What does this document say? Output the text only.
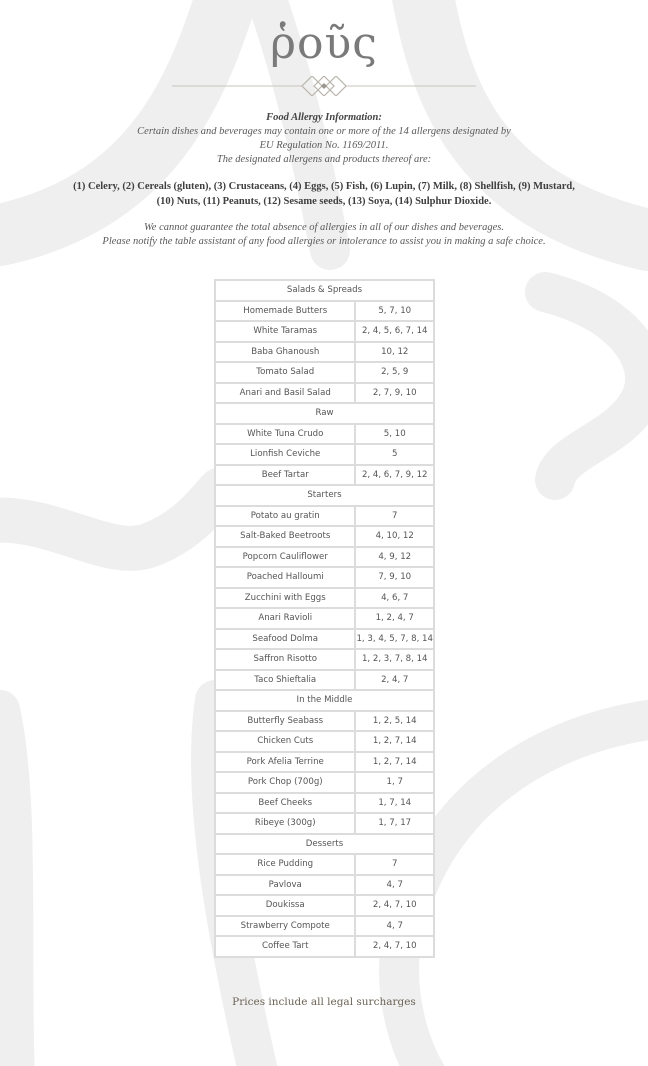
ῥοῦς
Food Allergy Information:
Certain dishes and beverages may contain one or more of the 14 allergens designated by
EU Regulation No. 1169/2011.
The designated allergens and products thereof are:
(1) Celery, (2) Cereals (gluten), (3) Crustaceans, (4) Eggs, (5) Fish, (6) Lupin, (7) Milk, (8) Shellfish, (9) Mustard,
(10) Nuts, (11) Peanuts, (12) Sesame seeds, (13) Soya, (14) Sulphur Dioxide.
We cannot guarantee the total absence of allergies in all of our dishes and beverages.
Please notify the table assistant of any food allergies or intolerance to assist you in making a safe choice.
Salads & Spreads	
Homemade Butters	5, 7, 10
White Taramas	2, 4, 5, 6, 7, 14
Baba Ghanoush	10, 12
Tomato Salad	2, 5, 9
Anari and Basil Salad	2, 7, 9, 10
Raw	
White Tuna Crudo	5, 10
Lionfish Ceviche	5
Beef Tartar	2, 4, 6, 7, 9, 12
Starters	
Potato au gratin	7
Salt-Baked Beetroots	4, 10, 12
Popcorn Cauliflower	4, 9, 12
Poached Halloumi	7, 9, 10
Zucchini with Eggs	4, 6, 7
Anari Ravioli	1, 2, 4, 7
Seafood Dolma	1, 3, 4, 5, 7, 8, 14
Saffron Risotto	1, 2, 3, 7, 8, 14
Taco Shieftalia	2, 4, 7
In the Middle	
Butterfly Seabass	1, 2, 5, 14
Chicken Cuts	1, 2, 7, 14
Pork Afelia Terrine	1, 2, 7, 14
Pork Chop (700g)	1, 7
Beef Cheeks	1, 7, 14
Ribeye (300g)	1, 7, 17
Desserts	
Rice Pudding	7
Pavlova	4, 7
Doukissa	2, 4, 7, 10
Strawberry Compote	4, 7
Coffee Tart	2, 4, 7, 10
Prices include all legal surcharges
